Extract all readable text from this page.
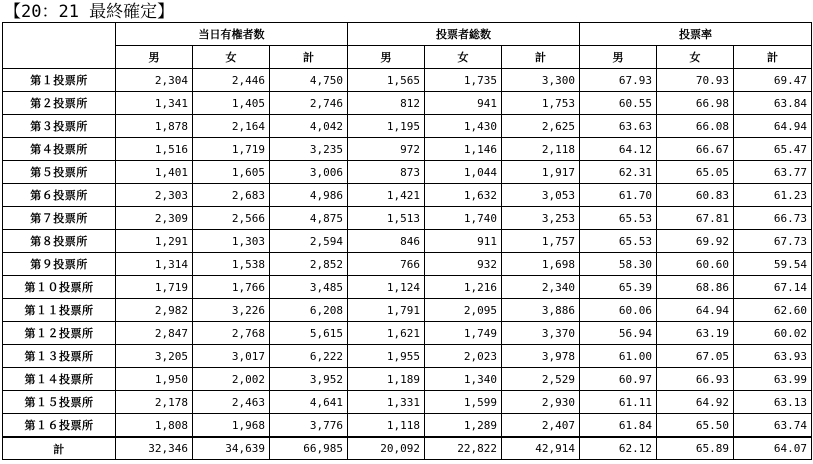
【20：21 最終確定】
	当日有権者数			投票者総数			投票率		
	男	女	計	男	女	計	男	女	計
第１投票所	2,304	2,446	4,750	1,565	1,735	3,300	67.93	70.93	69.47
第２投票所	1,341	1,405	2,746	812	941	1,753	60.55	66.98	63.84
第３投票所	1,878	2,164	4,042	1,195	1,430	2,625	63.63	66.08	64.94
第４投票所	1,516	1,719	3,235	972	1,146	2,118	64.12	66.67	65.47
第５投票所	1,401	1,605	3,006	873	1,044	1,917	62.31	65.05	63.77
第６投票所	2,303	2,683	4,986	1,421	1,632	3,053	61.70	60.83	61.23
第７投票所	2,309	2,566	4,875	1,513	1,740	3,253	65.53	67.81	66.73
第８投票所	1,291	1,303	2,594	846	911	1,757	65.53	69.92	67.73
第９投票所	1,314	1,538	2,852	766	932	1,698	58.30	60.60	59.54
第１０投票所	1,719	1,766	3,485	1,124	1,216	2,340	65.39	68.86	67.14
第１１投票所	2,982	3,226	6,208	1,791	2,095	3,886	60.06	64.94	62.60
第１２投票所	2,847	2,768	5,615	1,621	1,749	3,370	56.94	63.19	60.02
第１３投票所	3,205	3,017	6,222	1,955	2,023	3,978	61.00	67.05	63.93
第１４投票所	1,950	2,002	3,952	1,189	1,340	2,529	60.97	66.93	63.99
第１５投票所	2,178	2,463	4,641	1,331	1,599	2,930	61.11	64.92	63.13
第１６投票所	1,808	1,968	3,776	1,118	1,289	2,407	61.84	65.50	63.74
計	32,346	34,639	66,985	20,092	22,822	42,914	62.12	65.89	64.07
